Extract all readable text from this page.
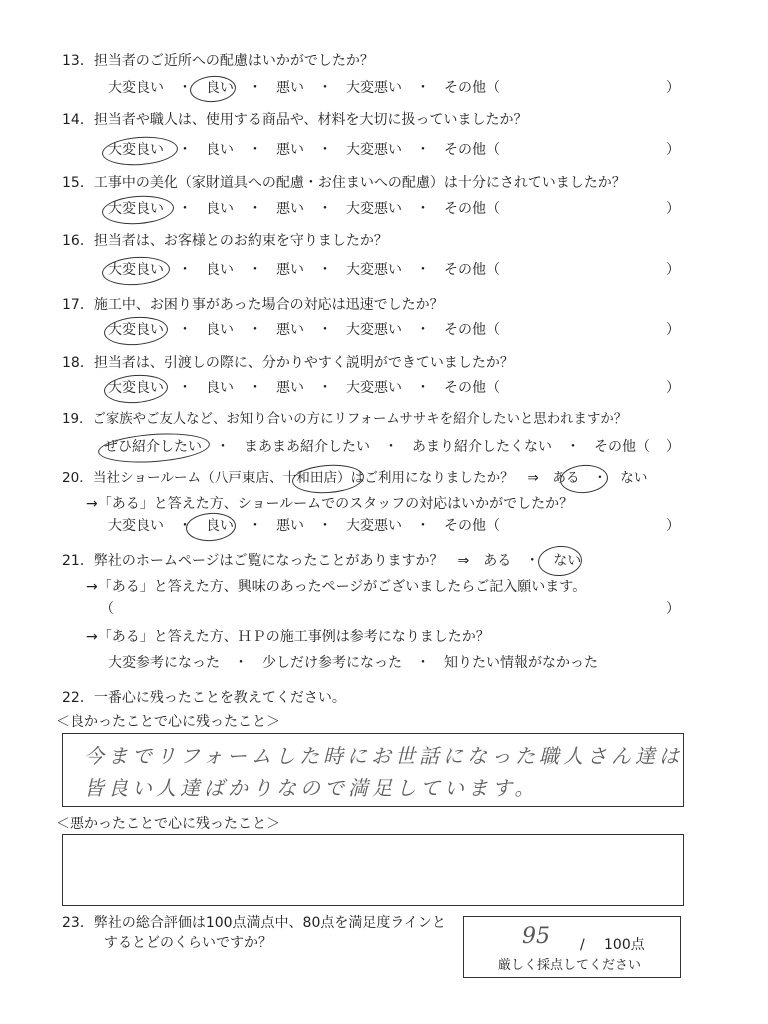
13．担当者のご近所への配慮はいかがでしたか？
大変良い　・　良い　・　悪い　・　大変悪い　・　その他（	）
14．担当者や職人は、使用する商品や、材料を大切に扱っていましたか？
大変良い　・　良い　・　悪い　・　大変悪い　・　その他（	）
15．工事中の美化（家財道具への配慮・お住まいへの配慮）は十分にされていましたか？
大変良い　・　良い　・　悪い　・　大変悪い　・　その他（	）
16．担当者は、お客様とのお約束を守りましたか？
大変良い　・　良い　・　悪い　・　大変悪い　・　その他（	）
17．施工中、お困り事があった場合の対応は迅速でしたか？
大変良い　・　良い　・　悪い　・　大変悪い　・　その他（	）
18．担当者は、引渡しの際に、分かりやすく説明ができていましたか？
大変良い　・　良い　・　悪い　・　大変悪い　・　その他（	）
19．ご家族やご友人など、お知り合いの方にリフォームササキを紹介したいと思われますか？
ぜひ紹介したい　・　まあまあ紹介したい　・　あまり紹介したくない　・　その他（ ）
20．当社ショールーム（八戸東店、十和田店）はご利用になりましたか？　⇒　ある　・　ない
→「ある」と答えた方、ショールームでのスタッフの対応はいかがでしたか？
大変良い　・　良い　・　悪い　・　大変悪い　・　その他（	）
21．弊社のホームページはご覧になったことがありますか？　⇒　ある　・　ない
→「ある」と答えた方、興味のあったページがございましたらご記入願います。
（	）
→「ある」と答えた方、ＨＰの施工事例は参考になりましたか？
大変参考になった　・　少しだけ参考になった　・　知りたい情報がなかった
22．一番心に残ったことを教えてください。
＜良かったことで心に残ったこと＞
今までリフォームした時にお世話になった職人さん達は
皆良い人達ばかりなので満足しています。
＜悪かったことで心に残ったこと＞
23．弊社の総合評価は100点満点中、80点を満足度ラインと
するとどのくらいですか？	95 / 100点
厳しく採点してください
